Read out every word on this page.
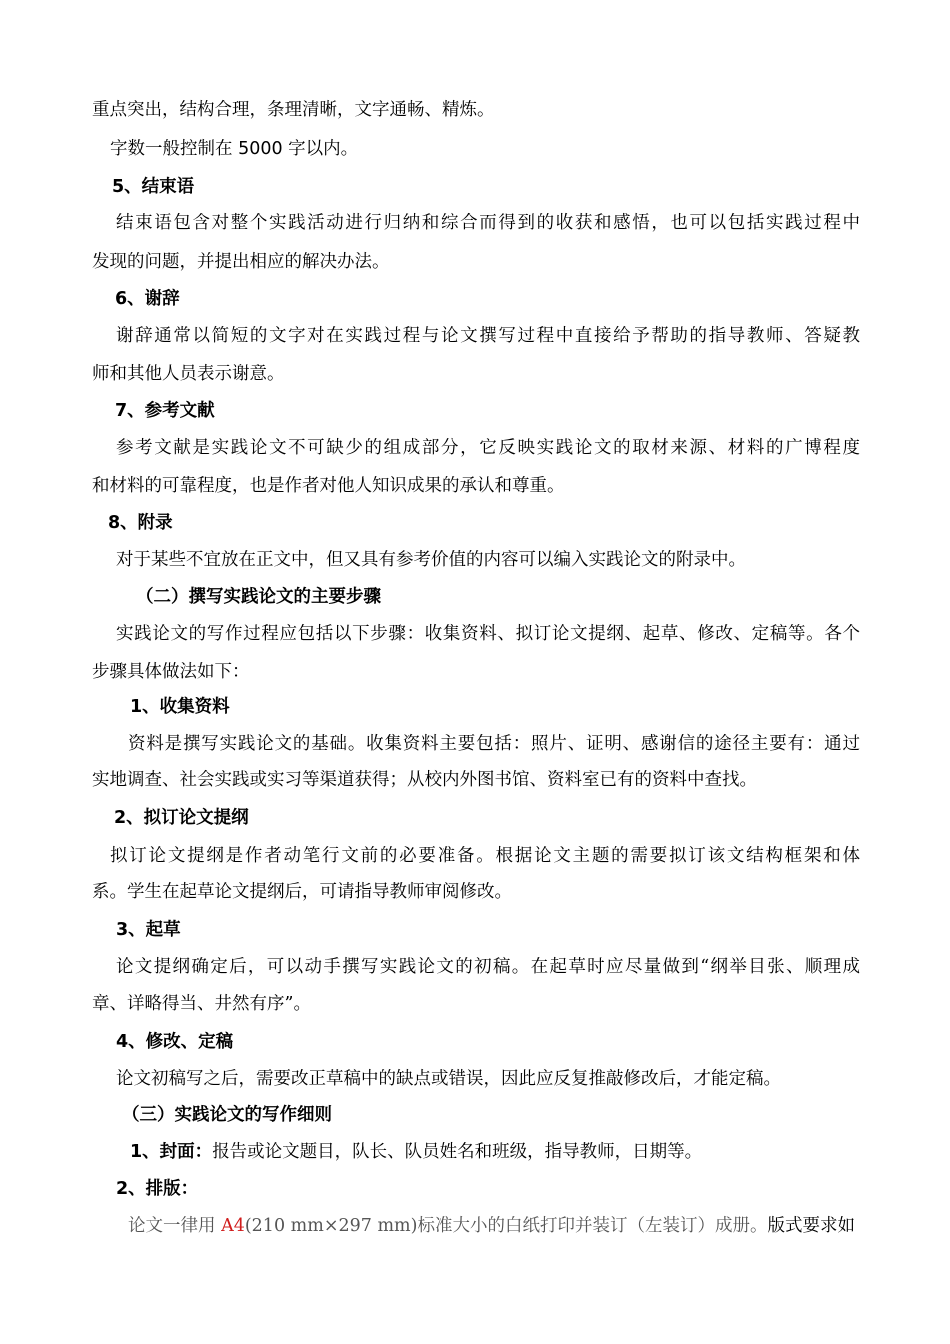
重点突出，结构合理，条理清晰，文字通畅、精炼。
字数一般控制在 5000 字以内。
5、结束语
结束语包含对整个实践活动进行归纳和综合而得到的收获和感悟，也可以包括实践过程中
发现的问题，并提出相应的解决办法。
6、谢辞
谢辞通常以简短的文字对在实践过程与论文撰写过程中直接给予帮助的指导教师、答疑教
师和其他人员表示谢意。
7、参考文献
参考文献是实践论文不可缺少的组成部分，它反映实践论文的取材来源、材料的广博程度
和材料的可靠程度，也是作者对他人知识成果的承认和尊重。
8、附录
对于某些不宜放在正文中，但又具有参考价值的内容可以编入实践论文的附录中。
（二）撰写实践论文的主要步骤
实践论文的写作过程应包括以下步骤：收集资料、拟订论文提纲、起草、修改、定稿等。各个
步骤具体做法如下：
1、收集资料
资料是撰写实践论文的基础。收集资料主要包括：照片、证明、感谢信的途径主要有：通过
实地调查、社会实践或实习等渠道获得；从校内外图书馆、资料室已有的资料中查找。
2、拟订论文提纲
拟订论文提纲是作者动笔行文前的必要准备。根据论文主题的需要拟订该文结构框架和体
系。学生在起草论文提纲后，可请指导教师审阅修改。
3、起草
论文提纲确定后，可以动手撰写实践论文的初稿。在起草时应尽量做到“纲举目张、顺理成
章、详略得当、井然有序”。
4、修改、定稿
论文初稿写之后，需要改正草稿中的缺点或错误，因此应反复推敲修改后，才能定稿。
（三）实践论文的写作细则
1、封面：报告或论文题目，队长、队员姓名和班级，指导教师，日期等。
2、排版：
论文一律用 A4(210 mm×297 mm)标准大小的白纸打印并装订（左装订）成册。版式要求如
